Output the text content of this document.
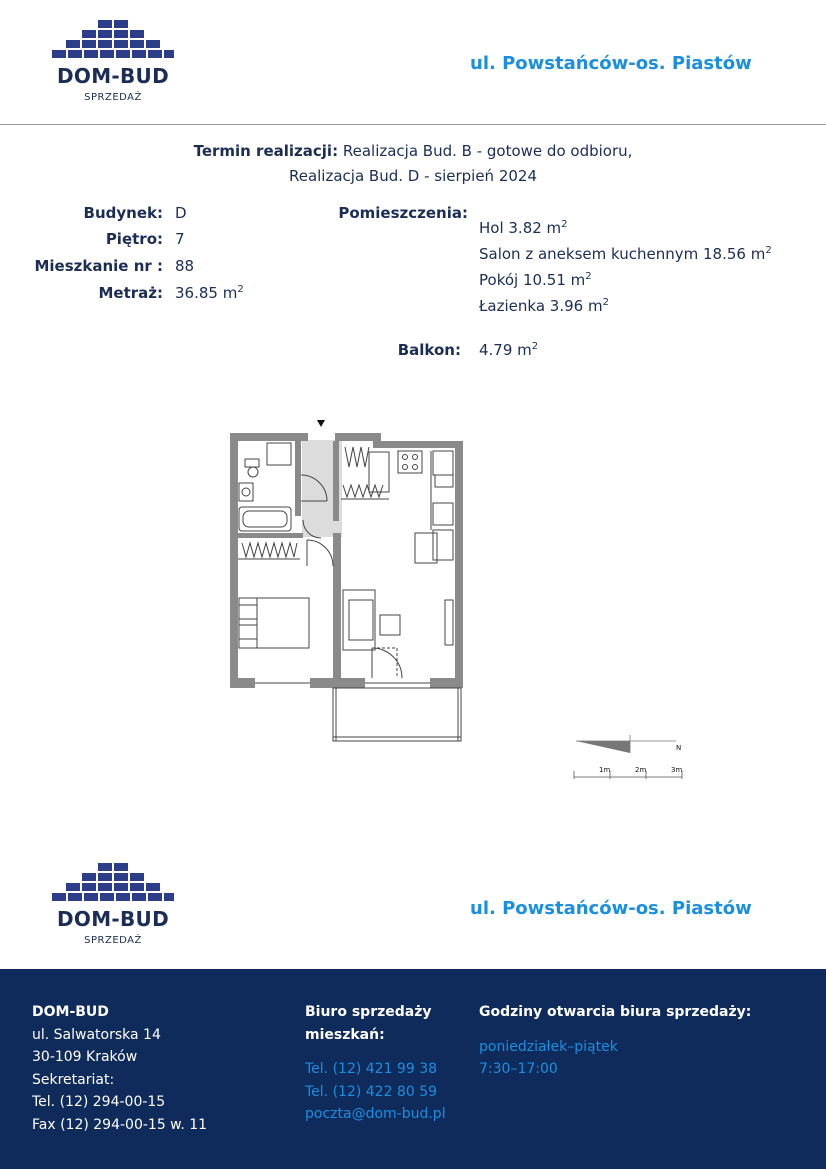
DOM-BUD
SPRZEDAŻ
ul. Powstańców-os. Piastów
Termin realizacji: Realizacja Bud. B - gotowe do odbioru,
Realizacja Bud. D - sierpień 2024
Budynek: D
Piętro: 7
Mieszkanie nr : 88
Metraż: 36.85 $m^2$
Pomieszczenia:
Hol 3.82 $m^2$
Salon z aneksem kuchennym 18.56 $m^2$
Pokój 10.51 $m^2$
Łazienka 3.96 $m^2$
Balkon: 4.79 $m^2$
N
1m	2m	3m
DOM-BUD
SPRZEDAŻ
ul. Powstańców-os. Piastów
DOM-BUD
ul. Salwatorska 14
30-109 Kraków
Sekretariat:
Tel. (12) 294-00-15
Fax (12) 294-00-15 w. 11
Biuro sprzedaży
mieszkań:
Tel. (12) 421 99 38
Tel. (12) 422 80 59
poczta@dom-bud.pl
Godziny otwarcia biura sprzedaży:
poniedziałek–piątek
7:30–17:00
